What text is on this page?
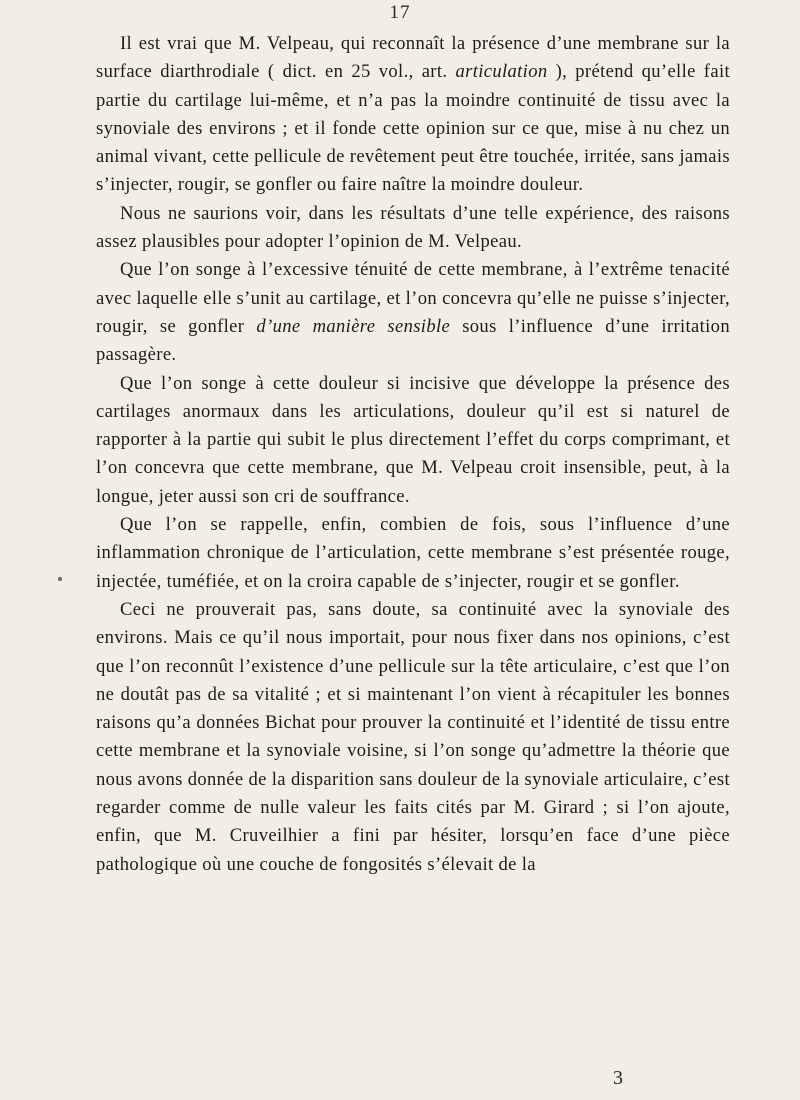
17

Il est vrai que M. Velpeau, qui reconnaît la présence d’une membrane sur la surface diarthrodiale ( dict. en 25 vol., art. articulation ), prétend qu’elle fait partie du cartilage lui-même, et n’a pas la moindre continuité de tissu avec la synoviale des environs ; et il fonde cette opinion sur ce que, mise à nu chez un animal vivant, cette pellicule de revêtement peut être touchée, irritée, sans jamais s’injecter, rougir, se gonfler ou faire naître la moindre douleur.

Nous ne saurions voir, dans les résultats d’une telle expérience, des raisons assez plausibles pour adopter l’opinion de M. Velpeau.

Que l’on songe à l’excessive ténuité de cette membrane, à l’extrême tenacité avec laquelle elle s’unit au cartilage, et l’on concevra qu’elle ne puisse s’injecter, rougir, se gonfler d’une manière sensible sous l’influence d’une irritation passagère.

Que l’on songe à cette douleur si incisive que développe la présence des cartilages anormaux dans les articulations, douleur qu’il est si naturel de rapporter à la partie qui subit le plus directement l’effet du corps comprimant, et l’on concevra que cette membrane, que M. Velpeau croit insensible, peut, à la longue, jeter aussi son cri de souffrance.

Que l’on se rappelle, enfin, combien de fois, sous l’influence d’une inflammation chronique de l’articulation, cette membrane s’est présentée rouge, injectée, tuméfiée, et on la croira capable de s’injecter, rougir et se gonfler.

Ceci ne prouverait pas, sans doute, sa continuité avec la synoviale des environs. Mais ce qu’il nous importait, pour nous fixer dans nos opinions, c’est que l’on reconnût l’existence d’une pellicule sur la tête articulaire, c’est que l’on ne doutât pas de sa vitalité ; et si maintenant l’on vient à récapituler les bonnes raisons qu’a données Bichat pour prouver la continuité et l’identité de tissu entre cette membrane et la synoviale voisine, si l’on songe qu’admettre la théorie que nous avons donnée de la disparition sans douleur de la synoviale articulaire, c’est regarder comme de nulle valeur les faits cités par M. Girard ; si l’on ajoute, enfin, que M. Cruveilhier a fini par hésiter, lorsqu’en face d’une pièce pathologique où une couche de fongosités s’élevait de la

3
